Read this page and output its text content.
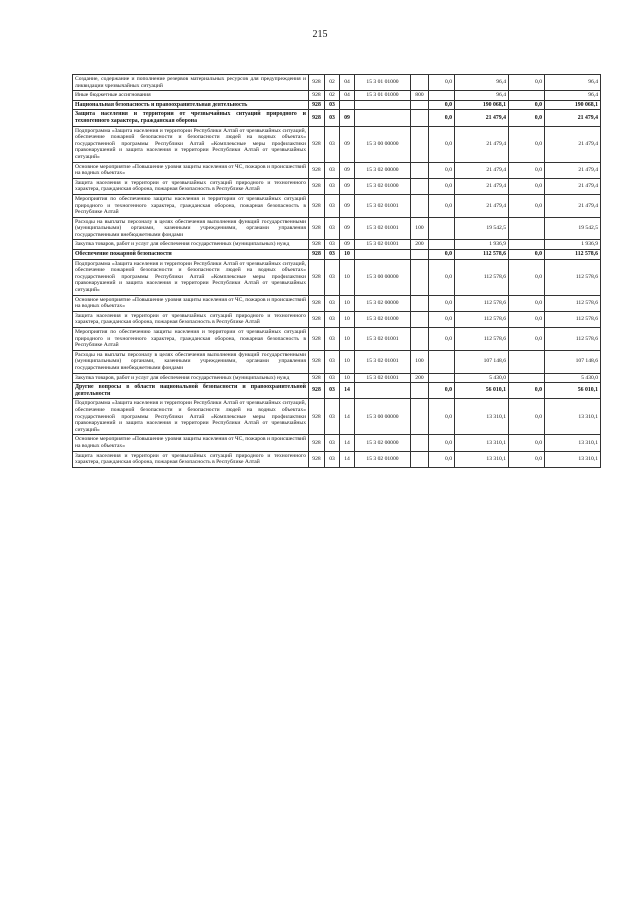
215
Создание, содержание и пополнение резервов материальных ресурсов для предупреждения и ликвидации чрезвычайных ситуаций	928	02	04	15 3 01 01000		0,0	96,4	0,0	96,4
Иные бюджетные ассигнования	928	02	04	15 3 01 01000	800		96,4		96,4
Национальная безопасность и правоохранительная деятельность	928	03				0,0	190 068,1	0,0	190 068,1
Защита населения и территории от чрезвычайных ситуаций природного и техногенного характера, гражданская оборона	928	03	09			0,0	21 479,4	0,0	21 479,4
Подпрограмма «Защита населения и территории Республики Алтай от чрезвычайных ситуаций, обеспечение пожарной безопасности и безопасности людей на водных объектах» государственной программы Республики Алтай «Комплексные меры профилактики правонарушений и защита населения и территории Республики Алтай от чрезвычайных ситуаций»	928	03	09	15 3 00 00000		0,0	21 479,4	0,0	21 479,4
Основное мероприятие «Повышение уровня защиты населения от ЧС, пожаров и происшествий на водных объектах»	928	03	09	15 3 02 00000		0,0	21 479,4	0,0	21 479,4
Защита населения и территории от чрезвычайных ситуаций природного и техногенного характера, гражданская оборона, пожарная безопасность в Республике Алтай	928	03	09	15 3 02 01000		0,0	21 479,4	0,0	21 479,4
Мероприятия по обеспечению защиты населения и территории от чрезвычайных ситуаций природного и техногенного характера, гражданская оборона, пожарная безопасность в Республике Алтай	928	03	09	15 3 02 01001		0,0	21 479,4	0,0	21 479,4
Расходы на выплаты персоналу в целях обеспечения выполнения функций государственными (муниципальными) органами, казенными учреждениями, органами управления государственными внебюджетными фондами	928	03	09	15 3 02 01001	100		19 542,5		19 542,5
Закупка товаров, работ и услуг для обеспечения государственных (муниципальных) нужд	928	03	09	15 3 02 01001	200		1 936,9		1 936,9
Обеспечение пожарной безопасности	928	03	10			0,0	112 578,6	0,0	112 578,6
Подпрограмма «Защита населения и территории Республики Алтай от чрезвычайных ситуаций, обеспечение пожарной безопасности и безопасности людей на водных объектах» государственной программы Республики Алтай «Комплексные меры профилактики правонарушений и защита населения и территории Республики Алтай от чрезвычайных ситуаций»	928	03	10	15 3 00 00000		0,0	112 578,6	0,0	112 578,6
Основное мероприятие «Повышение уровня защиты населения от ЧС, пожаров и происшествий на водных объектах»	928	03	10	15 3 02 00000		0,0	112 578,6	0,0	112 578,6
Защита населения и территории от чрезвычайных ситуаций природного и техногенного характера, гражданская оборона, пожарная безопасность в Республике Алтай	928	03	10	15 3 02 01000		0,0	112 578,6	0,0	112 578,6
Мероприятия по обеспечению защиты населения и территории от чрезвычайных ситуаций природного и техногенного характера, гражданская оборона, пожарная безопасность в Республике Алтай	928	03	10	15 3 02 01001		0,0	112 578,6	0,0	112 578,6
Расходы на выплаты персоналу в целях обеспечения выполнения функций государственными (муниципальными) органами, казенными учреждениями, органами управления государственными внебюджетными фондами	928	03	10	15 3 02 01001	100		107 148,6		107 148,6
Закупка товаров, работ и услуг для обеспечения государственных (муниципальных) нужд	928	03	10	15 3 02 01001	200		5 430,0		5 430,0
Другие вопросы в области национальной безопасности и правоохранительной деятельности	928	03	14			0,0	56 010,1	0,0	56 010,1
Подпрограмма «Защита населения и территории Республики Алтай от чрезвычайных ситуаций, обеспечение пожарной безопасности и безопасности людей на водных объектах» государственной программы Республики Алтай «Комплексные меры профилактики правонарушений и защита населения и территории Республики Алтай от чрезвычайных ситуаций»	928	03	14	15 3 00 00000		0,0	13 310,1	0,0	13 310,1
Основное мероприятие «Повышение уровня защиты населения от ЧС, пожаров и происшествий на водных объектах»	928	03	14	15 3 02 00000		0,0	13 310,1	0,0	13 310,1
Защита населения и территории от чрезвычайных ситуаций природного и техногенного характера, гражданская оборона, пожарная безопасность в Республике Алтай	928	03	14	15 3 02 01000		0,0	13 310,1	0,0	13 310,1
